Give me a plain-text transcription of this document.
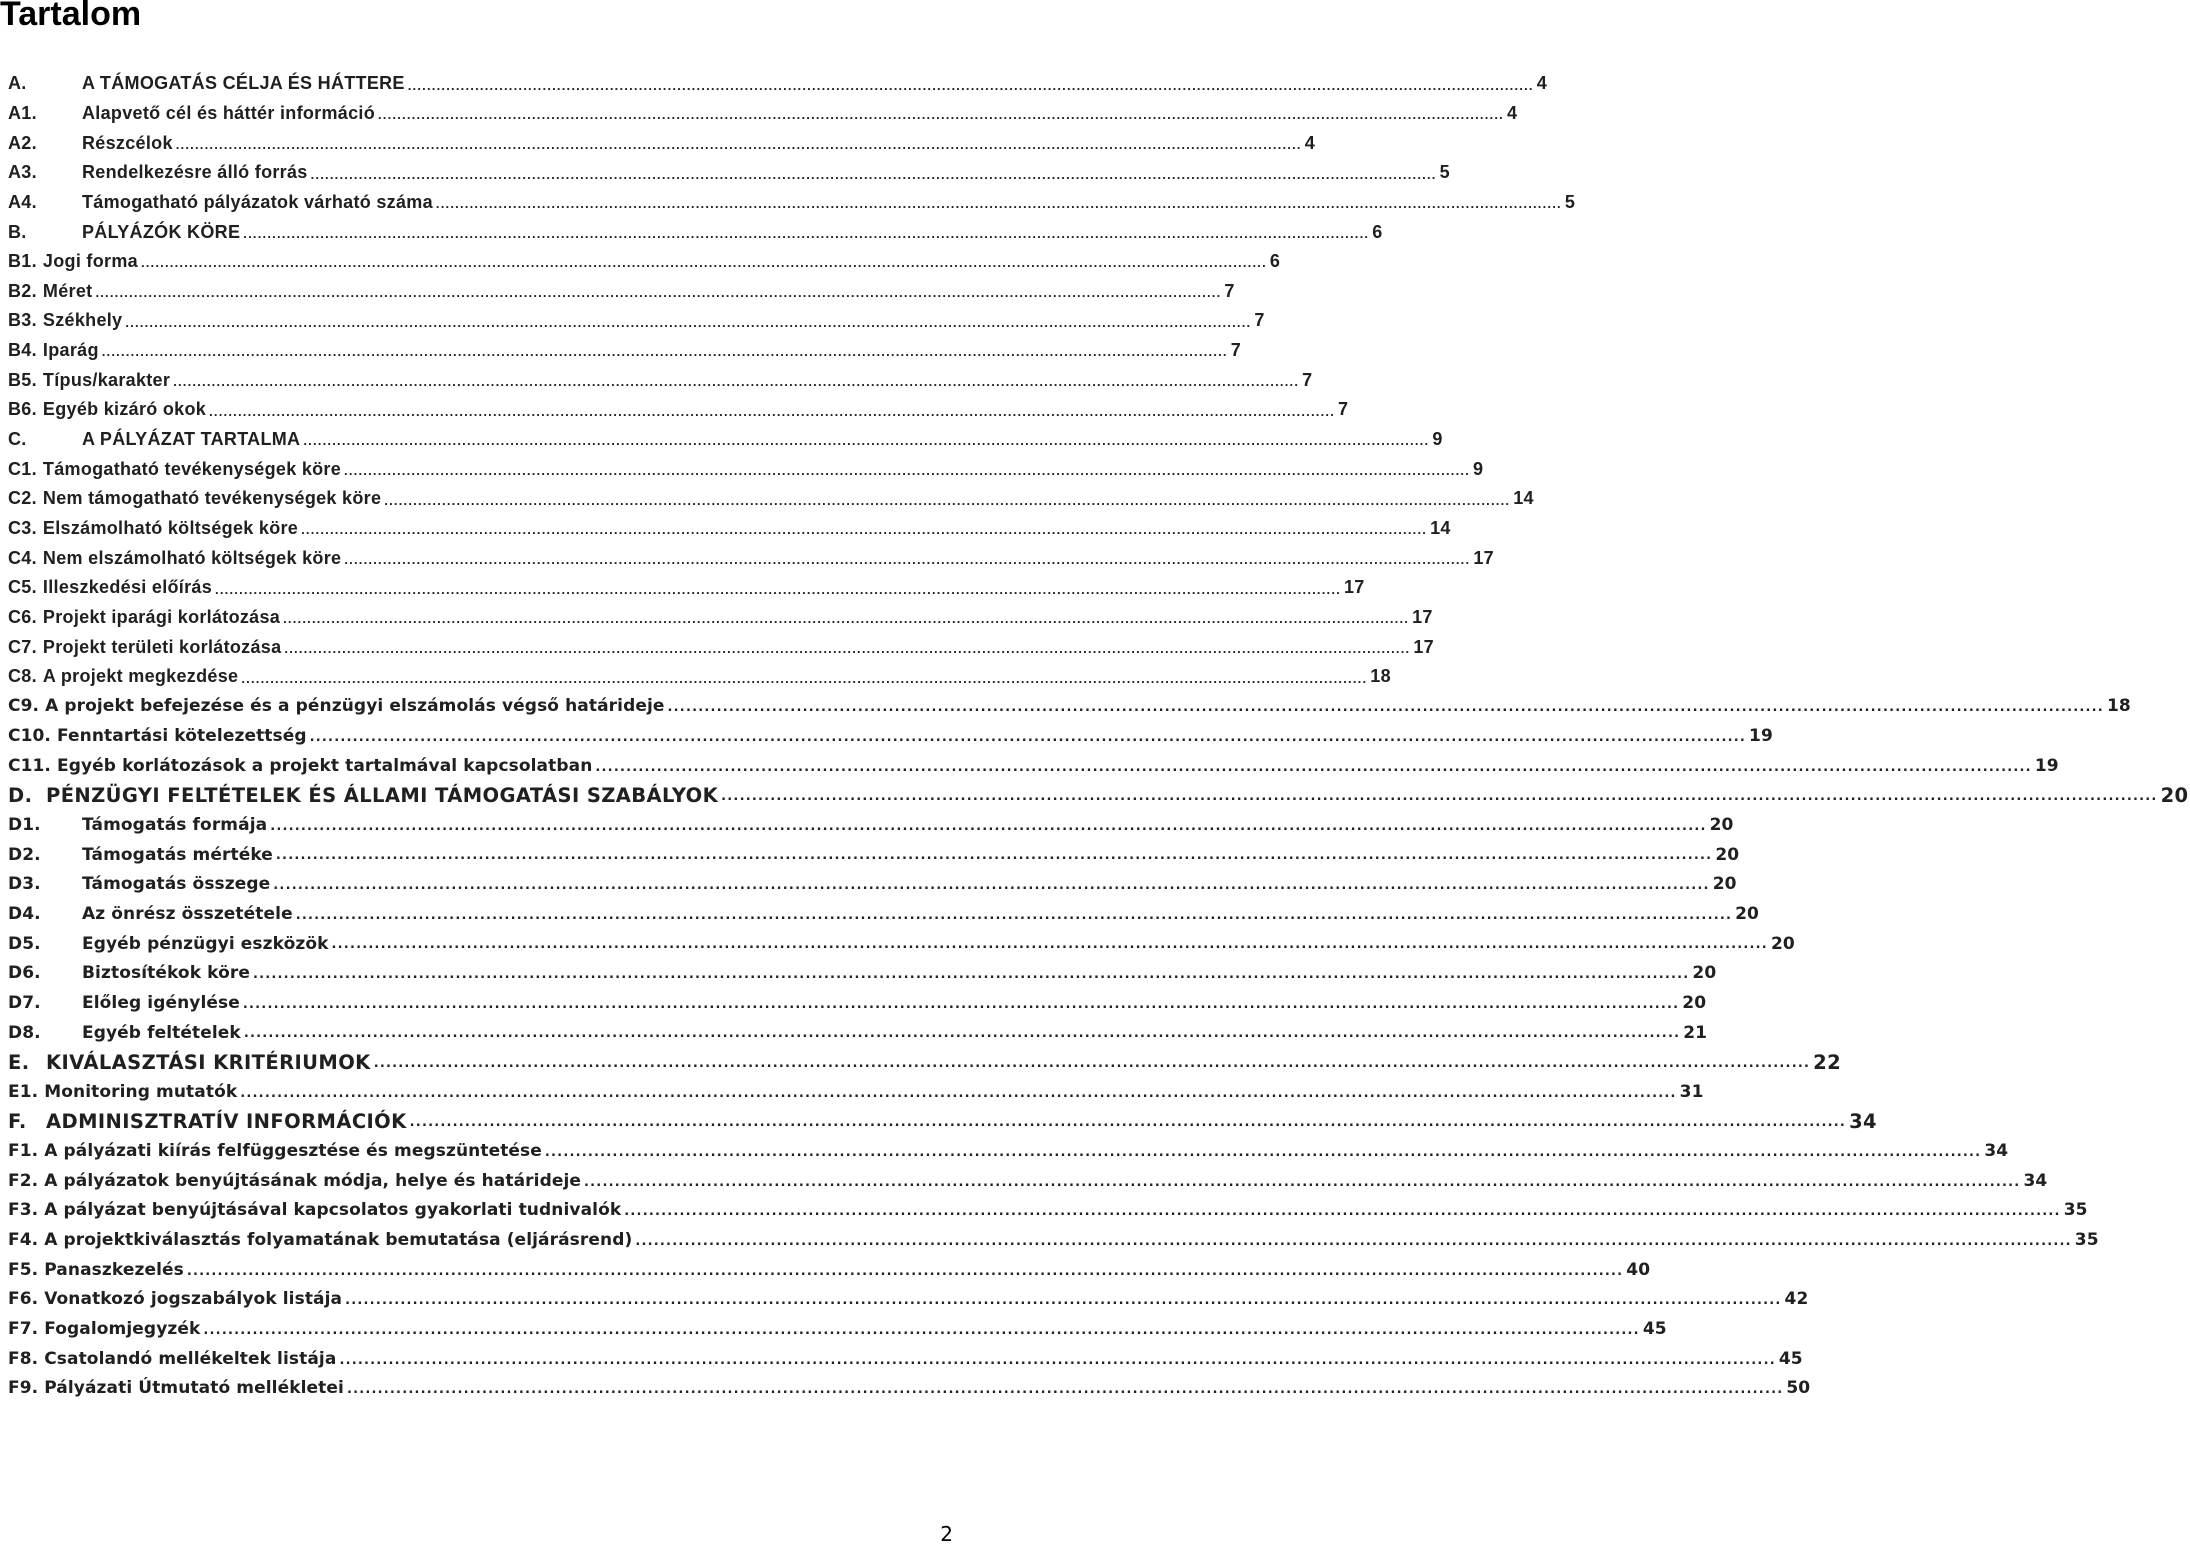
Tartalom
A.	A TÁMOGATÁS CÉLJA ÉS HÁTTERE .....	4
A1.	Alapvető cél és háttér információ .....	4
A2.	Részcélok .....	4
A3.	Rendelkezésre álló forrás .....	5
A4.	Támogatható pályázatok várható száma .....	5
B.	PÁLYÁZÓK KÖRE .....	6
B1. Jogi forma .....	6
B2. Méret .....	7
B3. Székhely .....	7
B4. Iparág .....	7
B5. Típus/karakter .....	7
B6. Egyéb kizáró okok .....	7
C.	A PÁLYÁZAT TARTALMA .....	9
C1. Támogatható tevékenységek köre .....	9
C2. Nem támogatható tevékenységek köre .....	14
C3. Elszámolható költségek köre .....	14
C4. Nem elszámolható költségek köre .....	17
C5. Illeszkedési előírás .....	17
C6. Projekt iparági korlátozása .....	17
C7. Projekt területi korlátozása .....	17
C8. A projekt megkezdése .....	18
C9. A projekt befejezése és a pénzügyi elszámolás végső határideje .....	18
C10. Fenntartási kötelezettség .....	19
C11. Egyéb korlátozások a projekt tartalmával kapcsolatban .....	19
D. PÉNZÜGYI FELTÉTELEK ÉS ÁLLAMI TÁMOGATÁSI SZABÁLYOK .....	20
D1.	Támogatás formája .....	20
D2.	Támogatás mértéke .....	20
D3.	Támogatás összege .....	20
D4.	Az önrész összetétele .....	20
D5.	Egyéb pénzügyi eszközök .....	20
D6.	Biztosítékok köre .....	20
D7.	Előleg igénylése .....	20
D8.	Egyéb feltételek .....	21
E. KIVÁLASZTÁSI KRITÉRIUMOK .....	22
E1. Monitoring mutatók .....	31
F. ADMINISZTRATÍV INFORMÁCIÓK .....	34
F1. A pályázati kiírás felfüggesztése és megszüntetése .....	34
F2. A pályázatok benyújtásának módja, helye és határideje .....	34
F3. A pályázat benyújtásával kapcsolatos gyakorlati tudnivalók .....	35
F4. A projektkiválasztás folyamatának bemutatása (eljárásrend) .....	35
F5. Panaszkezelés .....	40
F6. Vonatkozó jogszabályok listája .....	42
F7. Fogalomjegyzék .....	45
F8. Csatolandó mellékeltek listája .....	45
F9. Pályázati Útmutató mellékletei .....	50
2
